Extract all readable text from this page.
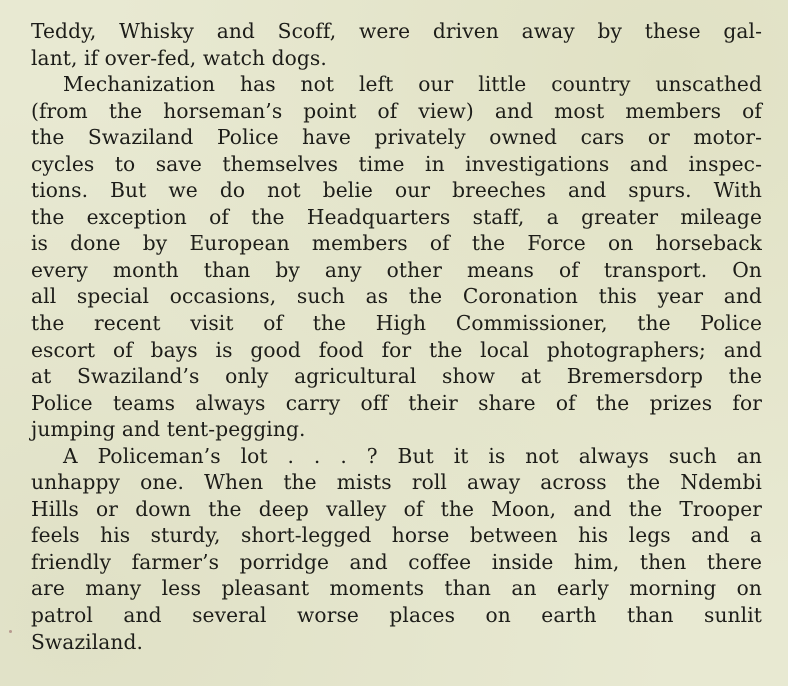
Teddy, Whisky and Scoff, were driven away by these gal-
lant, if over-fed, watch dogs.
Mechanization has not left our little country unscathed
(from the horseman’s point of view) and most members of
the Swaziland Police have privately owned cars or motor-
cycles to save themselves time in investigations and inspec-
tions. But we do not belie our breeches and spurs. With
the exception of the Headquarters staff, a greater mileage
is done by European members of the Force on horseback
every month than by any other means of transport. On
all special occasions, such as the Coronation this year and
the recent visit of the High Commissioner, the Police
escort of bays is good food for the local photographers; and
at Swaziland’s only agricultural show at Bremersdorp the
Police teams always carry off their share of the prizes for
jumping and tent-pegging.
A Policeman’s lot . . . ? But it is not always such an
unhappy one. When the mists roll away across the Ndembi
Hills or down the deep valley of the Moon, and the Trooper
feels his sturdy, short-legged horse between his legs and a
friendly farmer’s porridge and coffee inside him, then there
are many less pleasant moments than an early morning on
patrol and several worse places on earth than sunlit
Swaziland.
